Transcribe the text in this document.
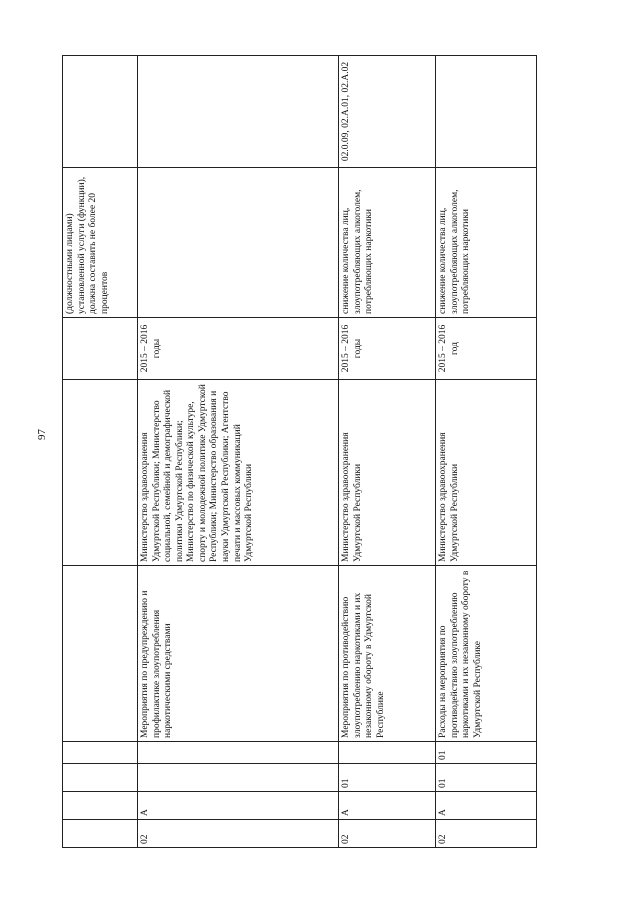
97
							(должностными лицами) установленной услуги (функции), должна составить не более 20 процентов	
02	А			Мероприятия по предупреждению и профилактике злоупотребления наркотическими средствами	Министерство здравоохранения Удмуртской Республики; Министерство социальной, семейной и демографической политики Удмуртской Республики; Министерство по физической культуре, спорту и молодежной политике Удмуртской Республики; Министерство образования и науки Удмуртской Республики; Агентство печати и массовых коммуникаций Удмуртской Республики	2015 – 2016 годы		
02	А	01		Мероприятия по противодействию злоупотреблению наркотиками и их незаконному обороту в Удмуртской Республике	Министерство здравоохранения Удмуртской Республики	2015 – 2016 годы	снижение количества лиц, злоупотребляющих алкоголем, потребляющих наркотики	02.0.09, 02.А.01, 02.А.02
02	А	01	01	Расходы на мероприятия по противодействию злоупотреблению наркотиками и их незаконному обороту в Удмуртской Республике	Министерство здравоохранения Удмуртской Республики	2015 – 2016 год	снижение количества лиц, злоупотребляющих алкоголем, потребляющих наркотики	
